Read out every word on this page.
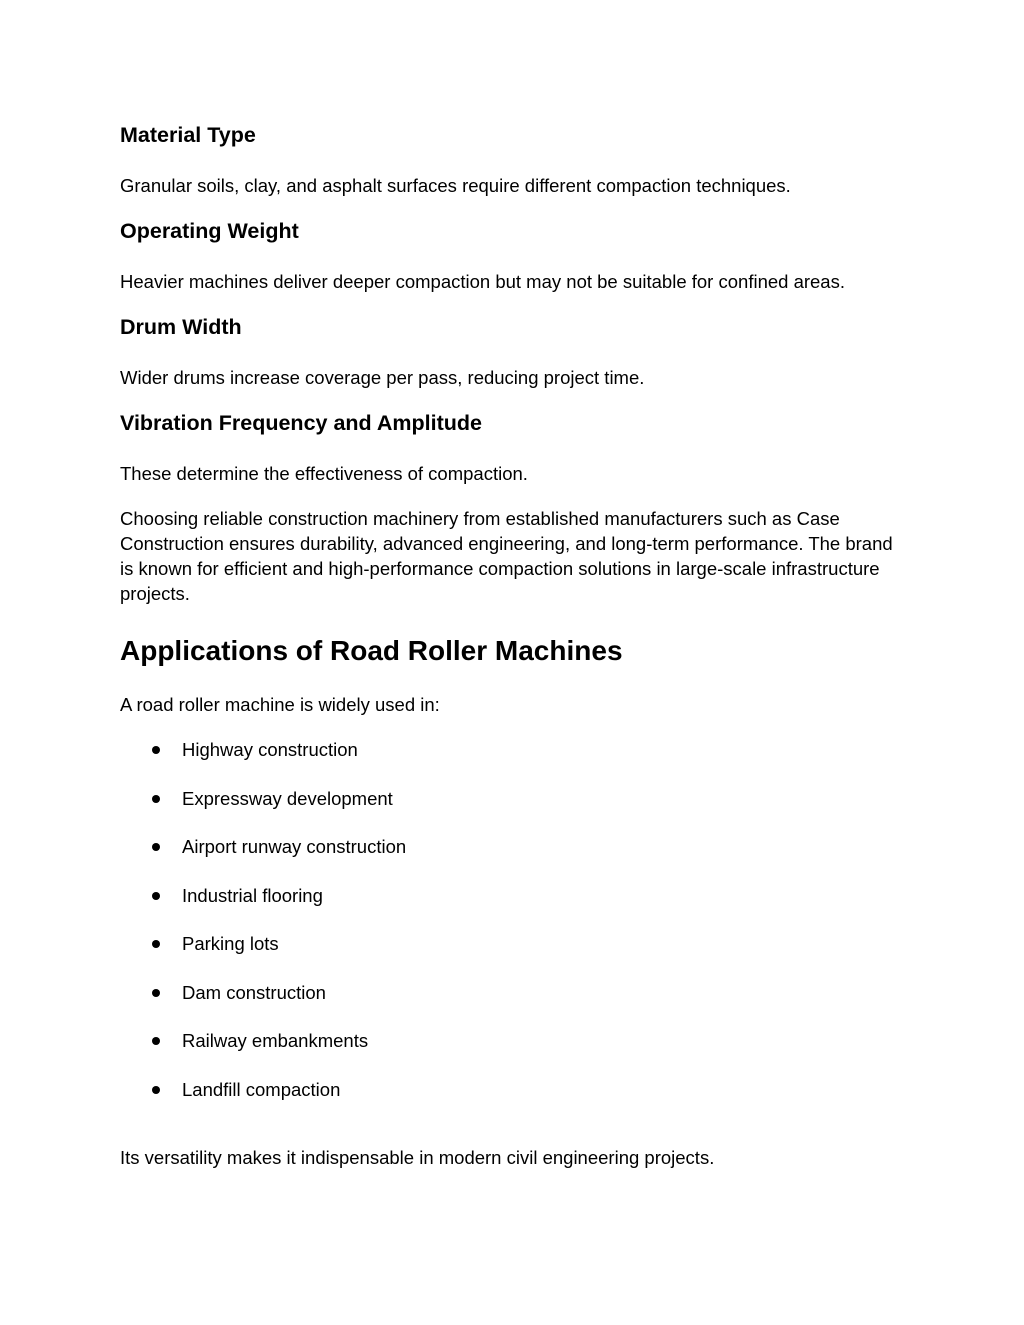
Material Type

Granular soils, clay, and asphalt surfaces require different compaction techniques.

Operating Weight

Heavier machines deliver deeper compaction but may not be suitable for confined areas.

Drum Width

Wider drums increase coverage per pass, reducing project time.

Vibration Frequency and Amplitude

These determine the effectiveness of compaction.

Choosing reliable construction machinery from established manufacturers such as Case Construction ensures durability, advanced engineering, and long-term performance. The brand is known for efficient and high-performance compaction solutions in large-scale infrastructure projects.

Applications of Road Roller Machines

A road roller machine is widely used in:

Highway construction
Expressway development
Airport runway construction
Industrial flooring
Parking lots
Dam construction
Railway embankments
Landfill compaction

Its versatility makes it indispensable in modern civil engineering projects.
